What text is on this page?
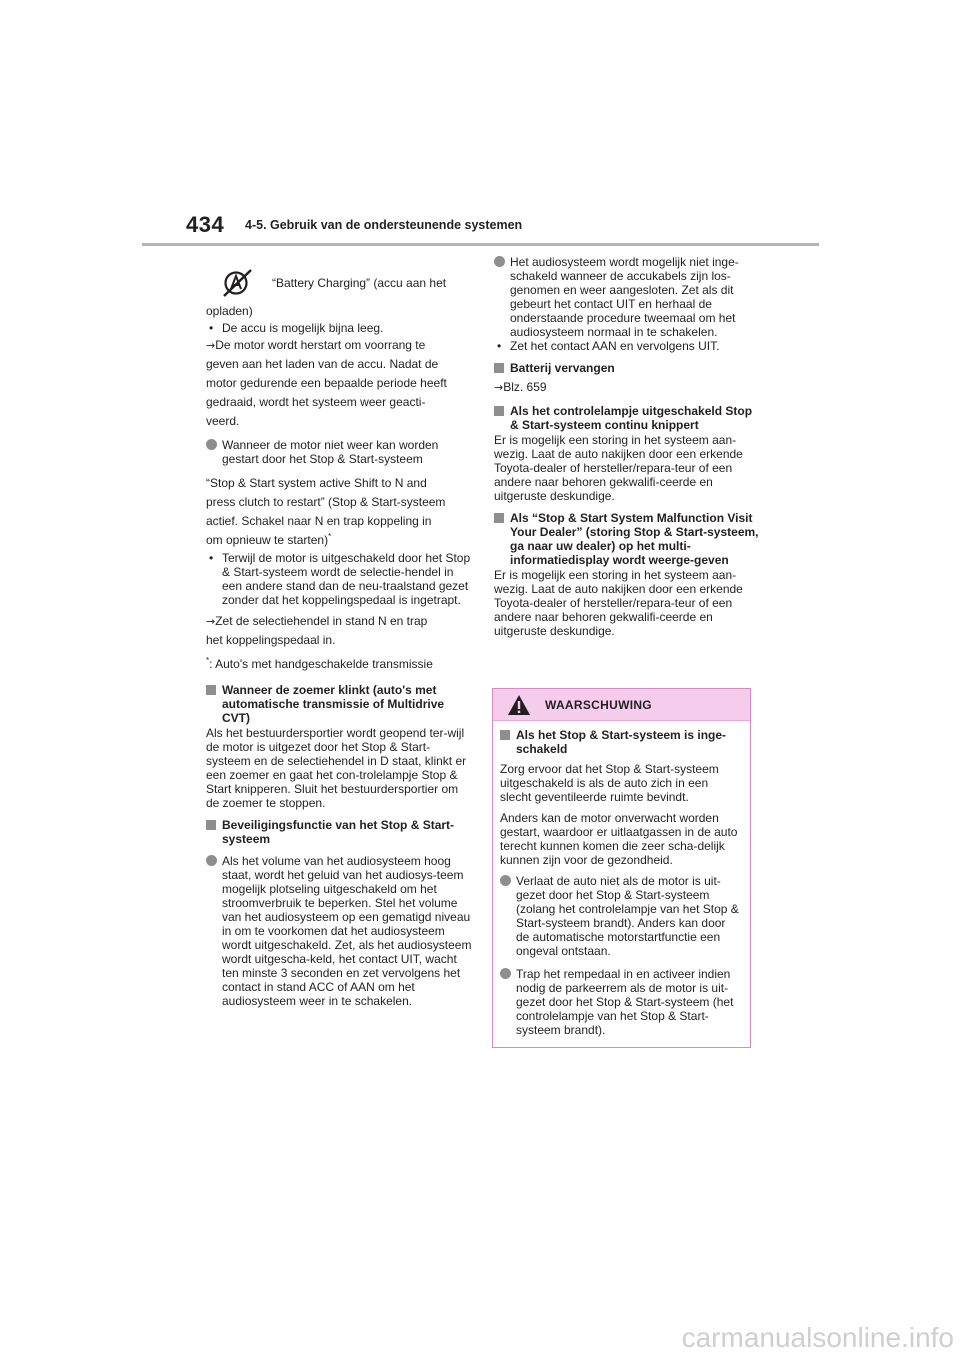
434 4-5. Gebruik van de ondersteunende systemen
“Battery Charging” (accu aan het
opladen)
• De accu is mogelijk bijna leeg.
→De motor wordt herstart om voorrang te
geven aan het laden van de accu. Nadat de
motor gedurende een bepaalde periode heeft
gedraaid, wordt het systeem weer geacti-
veerd.
Wanneer de motor niet weer kan worden gestart door het Stop & Start-systeem
“Stop & Start system active Shift to N and
press clutch to restart” (Stop & Start-systeem
actief. Schakel naar N en trap koppeling in
om opnieuw te starten)*
• Terwijl de motor is uitgeschakeld door het Stop & Start-systeem wordt de selectie-hendel in een andere stand dan de neu-traalstand gezet zonder dat het koppelingspedaal is ingetrapt.
→Zet de selectiehendel in stand N en trap
het koppelingspedaal in.
*: Auto's met handgeschakelde transmissie
Wanneer de zoemer klinkt (auto's met automatische transmissie of Multidrive CVT)
Als het bestuurdersportier wordt geopend ter-wijl de motor is uitgezet door het Stop & Start-systeem en de selectiehendel in D staat, klinkt er een zoemer en gaat het con-trolelampje Stop & Start knipperen. Sluit het bestuurdersportier om de zoemer te stoppen.
Beveiligingsfunctie van het Stop & Start-systeem
Als het volume van het audiosysteem hoog staat, wordt het geluid van het audiosys-teem mogelijk plotseling uitgeschakeld om het stroomverbruik te beperken. Stel het volume van het audiosysteem op een gematigd niveau in om te voorkomen dat het audiosysteem wordt uitgeschakeld. Zet, als het audiosysteem wordt uitgescha-keld, het contact UIT, wacht ten minste 3 seconden en zet vervolgens het contact in stand ACC of AAN om het audiosysteem weer in te schakelen.
Het audiosysteem wordt mogelijk niet inge-schakeld wanneer de accukabels zijn los-genomen en weer aangesloten. Zet als dit gebeurt het contact UIT en herhaal de onderstaande procedure tweemaal om het audiosysteem normaal in te schakelen.
• Zet het contact AAN en vervolgens UIT.
Batterij vervangen
→Blz. 659
Als het controlelampje uitgeschakeld Stop & Start-systeem continu knippert
Er is mogelijk een storing in het systeem aan-wezig. Laat de auto nakijken door een erkende Toyota-dealer of hersteller/repara-teur of een andere naar behoren gekwalifi-ceerde en uitgeruste deskundige.
Als “Stop & Start System Malfunction Visit Your Dealer” (storing Stop & Start-systeem, ga naar uw dealer) op het multi-informatiedisplay wordt weerge-geven
Er is mogelijk een storing in het systeem aan-wezig. Laat de auto nakijken door een erkende Toyota-dealer of hersteller/repara-teur of een andere naar behoren gekwalifi-ceerde en uitgeruste deskundige.
WAARSCHUWING
Als het Stop & Start-systeem is inge-schakeld
Zorg ervoor dat het Stop & Start-systeem uitgeschakeld is als de auto zich in een slecht geventileerde ruimte bevindt.
Anders kan de motor onverwacht worden gestart, waardoor er uitlaatgassen in de auto terecht kunnen komen die zeer scha-delijk kunnen zijn voor de gezondheid.
Verlaat de auto niet als de motor is uit-gezet door het Stop & Start-systeem (zolang het controlelampje van het Stop & Start-systeem brandt). Anders kan door de automatische motorstartfunctie een ongeval ontstaan.
Trap het rempedaal in en activeer indien nodig de parkeerrem als de motor is uit-gezet door het Stop & Start-systeem (het controlelampje van het Stop & Start-systeem brandt).
carmanualsonline.info
